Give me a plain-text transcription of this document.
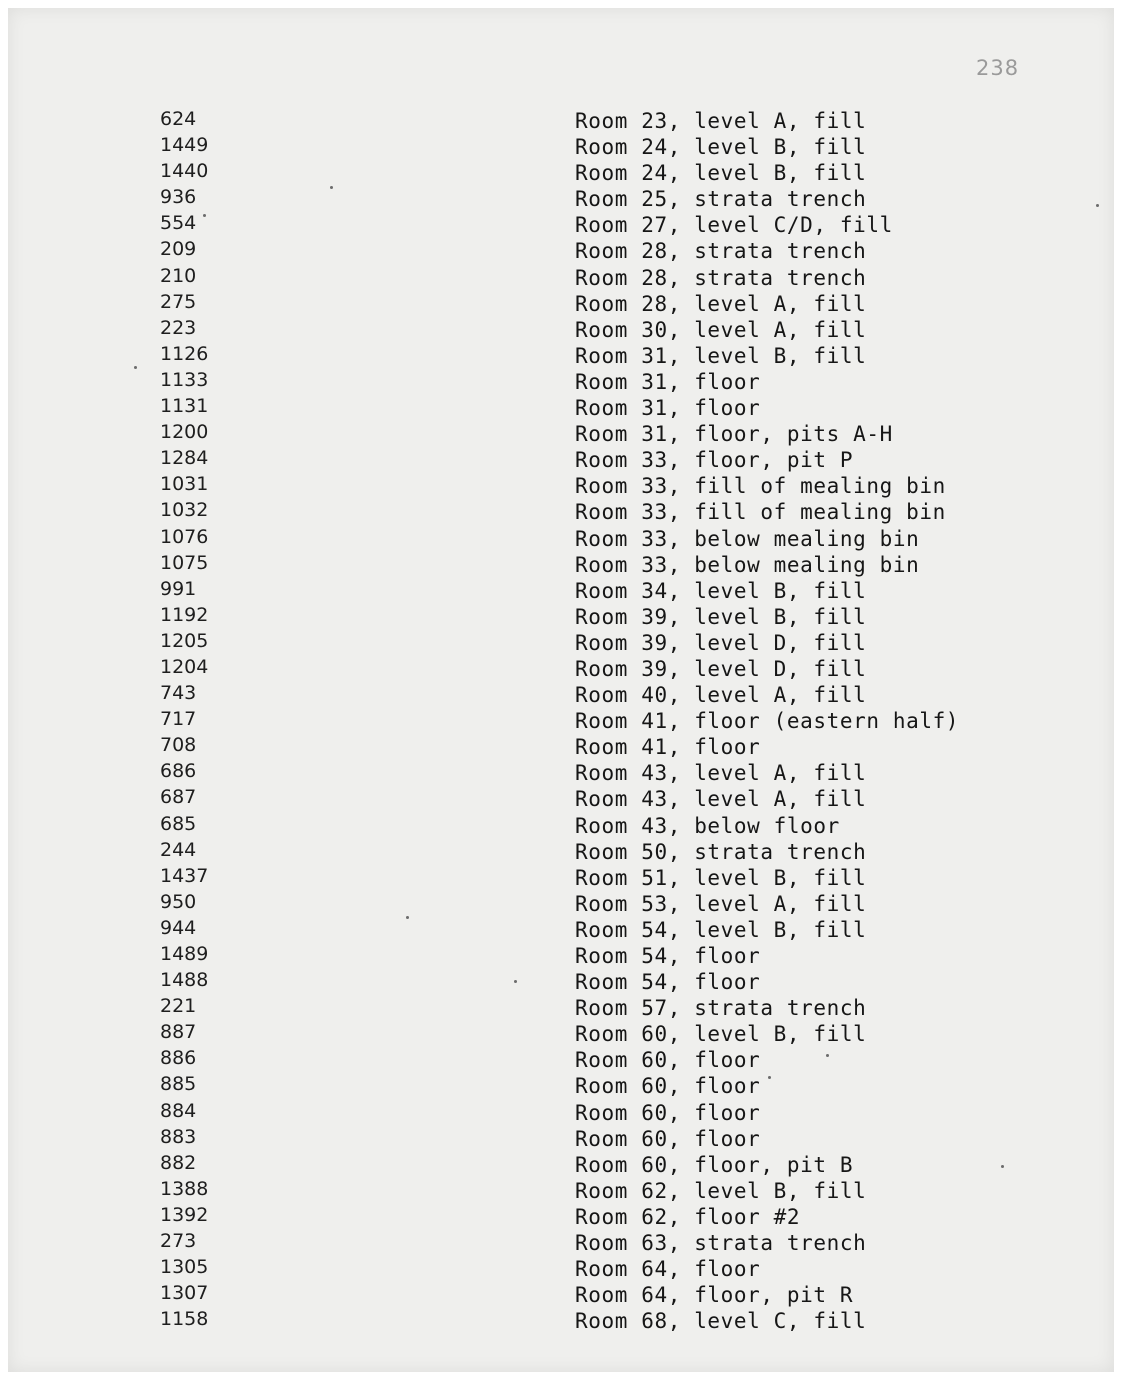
238
624
1449
1440
936
554
209
210
275
223
1126
1133
1131
1200
1284
1031
1032
1076
1075
991
1192
1205
1204
743
717
708
686
687
685
244
1437
950
944
1489
1488
221
887
886
885
884
883
882
1388
1392
273
1305
1307
1158
Room 23, level A, fill
Room 24, level B, fill
Room 24, level B, fill
Room 25, strata trench
Room 27, level C/D, fill
Room 28, strata trench
Room 28, strata trench
Room 28, level A, fill
Room 30, level A, fill
Room 31, level B, fill
Room 31, floor
Room 31, floor
Room 31, floor, pits A-H
Room 33, floor, pit P
Room 33, fill of mealing bin
Room 33, fill of mealing bin
Room 33, below mealing bin
Room 33, below mealing bin
Room 34, level B, fill
Room 39, level B, fill
Room 39, level D, fill
Room 39, level D, fill
Room 40, level A, fill
Room 41, floor (eastern half)
Room 41, floor
Room 43, level A, fill
Room 43, level A, fill
Room 43, below floor
Room 50, strata trench
Room 51, level B, fill
Room 53, level A, fill
Room 54, level B, fill
Room 54, floor
Room 54, floor
Room 57, strata trench
Room 60, level B, fill
Room 60, floor
Room 60, floor
Room 60, floor
Room 60, floor
Room 60, floor, pit B
Room 62, level B, fill
Room 62, floor #2
Room 63, strata trench
Room 64, floor
Room 64, floor, pit R
Room 68, level C, fill
